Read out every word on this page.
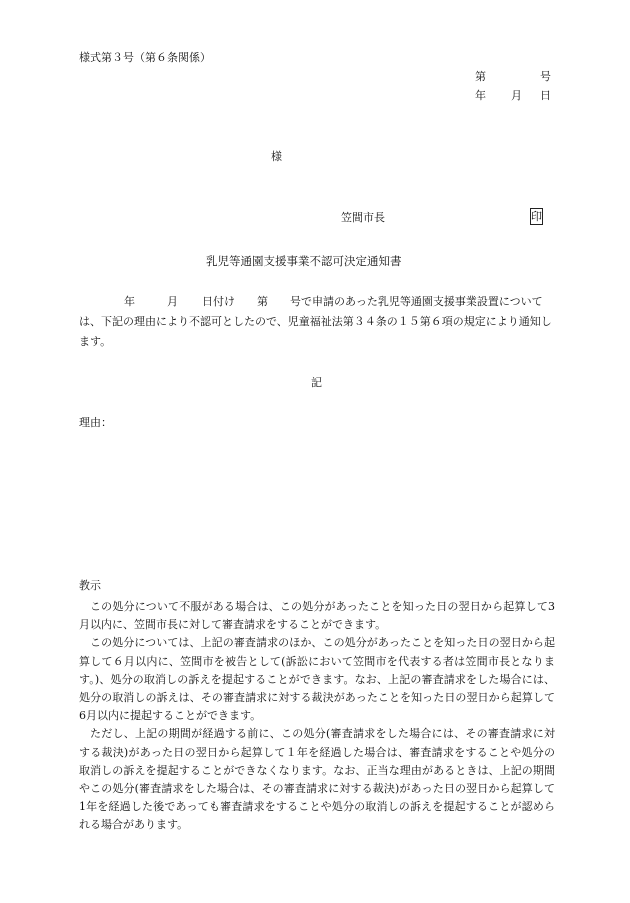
様式第３号（第６条関係）
第	号
年 月 日
様
笠間市長	印
乳児等通園支援事業不認可決定通知書
年	月 日付け 第 号で申請のあった乳児等通園支援事業設置については、下記の理由により不認可としたので、児童福祉法第３４条の１５第６項の規定により通知します。
記
理由：
教示

この処分について不服がある場合は、この処分があったことを知った日の翌日から起算して3月以内に、笠間市長に対して審査請求をすることができます。

この処分については、上記の審査請求のほか、この処分があったことを知った日の翌日から起算して６月以内に、笠間市を被告として(訴訟において笠間市を代表する者は笠間市長となります。)、処分の取消しの訴えを提起することができます。なお、上記の審査請求をした場合には、処分の取消しの訴えは、その審査請求に対する裁決があったことを知った日の翌日から起算して6月以内に提起することができます。

ただし、上記の期間が経過する前に、この処分(審査請求をした場合には、その審査請求に対する裁決)があった日の翌日から起算して１年を経過した場合は、審査請求をすることや処分の取消しの訴えを提起することができなくなります。なお、正当な理由があるときは、上記の期間やこの処分(審査請求をした場合は、その審査請求に対する裁決)があった日の翌日から起算して1年を経過した後であっても審査請求をすることや処分の取消しの訴えを提起することが認められる場合があります。
